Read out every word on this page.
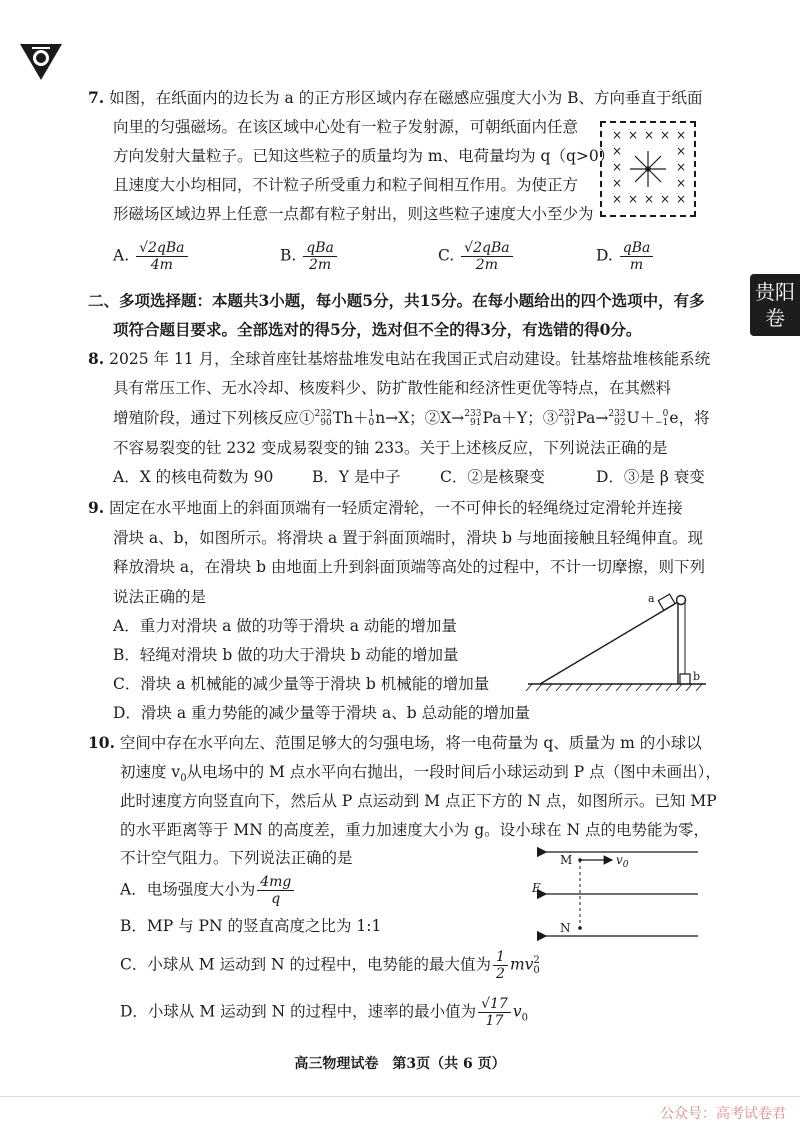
贵阳
卷
7. 如图，在纸面内的边长为 a 的正方形区域内存在磁感应强度大小为 B、方向垂直于纸面
向里的匀强磁场。在该区域中心处有一粒子发射源，可朝纸面内任意
方向发射大量粒子。已知这些粒子的质量均为 m、电荷量均为 q（q>0）
且速度大小均相同，不计粒子所受重力和粒子间相互作用。为使正方
形磁场区域边界上任意一点都有粒子射出，则这些粒子速度大小至少为
× × × × ×
×	×
×	×
×	×
× × × × ×
A. $\frac{\text{√2qBa}}{4m}$	B. $\frac{\text{qBa}}{2m}$	C. $\frac{\text{√2qBa}}{2m}$	D. $\frac{\text{qBa}}{m}$
二、多项选择题：本题共3小题，每小题5分，共15分。在每小题给出的四个选项中，有多
项符合题目要求。全部选对的得5分，选对但不全的得3分，有选错的得0分。
8. 2025 年 11 月，全球首座钍基熔盐堆发电站在我国正式启动建设。钍基熔盐堆核能系统
具有常压工作、无水冷却、核废料少、防扩散性能和经济性更优等特点，在其燃料
增殖阶段，通过下列核反应① 232
90 Th＋ 1
0 n→X；②X→ 233
91 Pa＋Y；③ 233
91 Pa→ 233
92 U＋ 0
−1 e，将
不容易裂变的钍 232 变成易裂变的铀 233。关于上述核反应，下列说法正确的是
A．X 的核电荷数为 90 B．Y 是中子	C．②是核聚变	D．③是 β 衰变
9. 固定在水平地面上的斜面顶端有一轻质定滑轮，一不可伸长的轻绳绕过定滑轮并连接
滑块 a、b，如图所示。将滑块 a 置于斜面顶端时，滑块 b 与地面接触且轻绳伸直。现
释放滑块 a，在滑块 b 由地面上升到斜面顶端等高处的过程中，不计一切摩擦，则下列
说法正确的是
A．重力对滑块 a 做的功等于滑块 a 动能的增加量
B．轻绳对滑块 b 做的功大于滑块 b 动能的增加量
C．滑块 a 机械能的减少量等于滑块 b 机械能的增加量
D．滑块 a 重力势能的减少量等于滑块 a、b 总动能的增加量
a
b
10. 空间中存在水平向左、范围足够大的匀强电场，将一电荷量为 q、质量为 m 的小球以
初速度 $v_0$从电场中的 M 点水平向右抛出，一段时间后小球运动到 P 点（图中未画出），
此时速度方向竖直向下，然后从 P 点运动到 M 点正下方的 N 点，如图所示。已知 MP
的水平距离等于 MN 的高度差，重力加速度大小为 g。设小球在 N 点的电势能为零，
不计空气阻力。下列说法正确的是
A．电场强度大小为 $\frac{4mg}{q}$
B．MP 与 PN 的竖直高度之比为 1:1
C．小球从 M 运动到 N 的过程中，电势能的最大值为 $\frac{1}{2}$ mv 2
0
D．小球从 M 运动到 N 的过程中，速率的最小值为 $\frac{√17}{17} v_0$
M	$v_0$
E
N
高三物理试卷　第3页（共 6 页）
公众号：高考试卷君
